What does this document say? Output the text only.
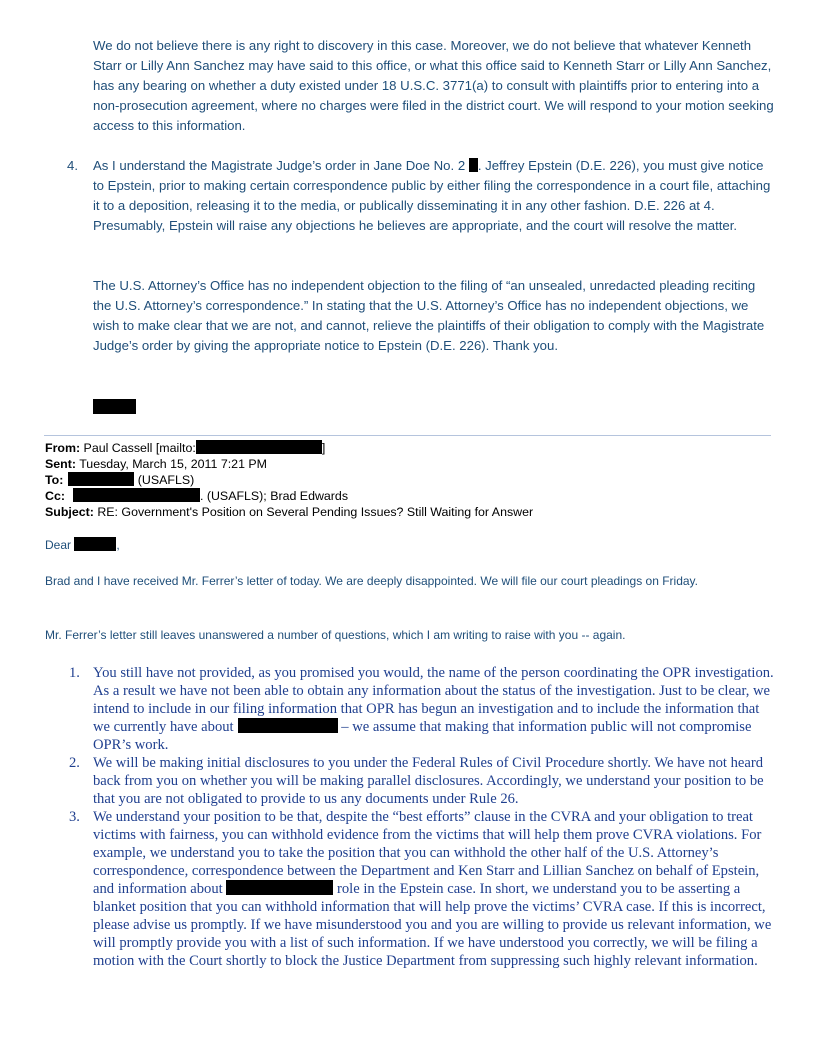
We do not believe there is any right to discovery in this case. Moreover, we do not believe that whatever Kenneth Starr or Lilly Ann Sanchez may have said to this office, or what this office said to Kenneth Starr or Lilly Ann Sanchez, has any bearing on whether a duty existed under 18 U.S.C. 3771(a) to consult with plaintiffs prior to entering into a non-prosecution agreement, where no charges were filed in the district court. We will respond to your motion seeking access to this information.

4. As I understand the Magistrate Judge’s order in Jane Doe No. 2 . Jeffrey Epstein (D.E. 226), you must give notice to Epstein, prior to making certain correspondence public by either filing the correspondence in a court file, attaching it to a deposition, releasing it to the media, or publically disseminating it in any other fashion. D.E. 226 at 4. Presumably, Epstein will raise any objections he believes are appropriate, and the court will resolve the matter.

The U.S. Attorney’s Office has no independent objection to the filing of “an unsealed, unredacted pleading reciting the U.S. Attorney’s correspondence.” In stating that the U.S. Attorney’s Office has no independent objections, we wish to make clear that we are not, and cannot, relieve the plaintiffs of their obligation to comply with the Magistrate Judge’s order by giving the appropriate notice to Epstein (D.E. 226). Thank you.

From: Paul Cassell [mailto:	]
Sent: Tuesday, March 15, 2011 7:21 PM
To:	(USAFLS)
Cc:	. (USAFLS); Brad Edwards
Subject: RE: Government's Position on Several Pending Issues? Still Waiting for Answer

Dear	,

Brad and I have received Mr. Ferrer’s letter of today. We are deeply disappointed. We will file our court pleadings on Friday.

Mr. Ferrer’s letter still leaves unanswered a number of questions, which I am writing to raise with you -- again.

1. You still have not provided, as you promised you would, the name of the person coordinating the OPR investigation. As a result we have not been able to obtain any information about the status of the investigation. Just to be clear, we intend to include in our filing information that OPR has begun an investigation and to include the information that we currently have about	– we assume that making that information public will not compromise OPR’s work.

2. We will be making initial disclosures to you under the Federal Rules of Civil Procedure shortly. We have not heard back from you on whether you will be making parallel disclosures. Accordingly, we understand your position to be that you are not obligated to provide to us any documents under Rule 26.

3. We understand your position to be that, despite the “best efforts” clause in the CVRA and your obligation to treat victims with fairness, you can withhold evidence from the victims that will help them prove CVRA violations. For example, we understand you to take the position that you can withhold the other half of the U.S. Attorney’s correspondence, correspondence between the Department and Ken Starr and Lillian Sanchez on behalf of Epstein, and information about	role in the Epstein case. In short, we understand you to be asserting a blanket position that you can withhold information that will help prove the victims’ CVRA case. If this is incorrect, please advise us promptly. If we have misunderstood you and you are willing to provide us relevant information, we will promptly provide you with a list of such information. If we have understood you correctly, we will be filing a motion with the Court shortly to block the Justice Department from suppressing such highly relevant information.
